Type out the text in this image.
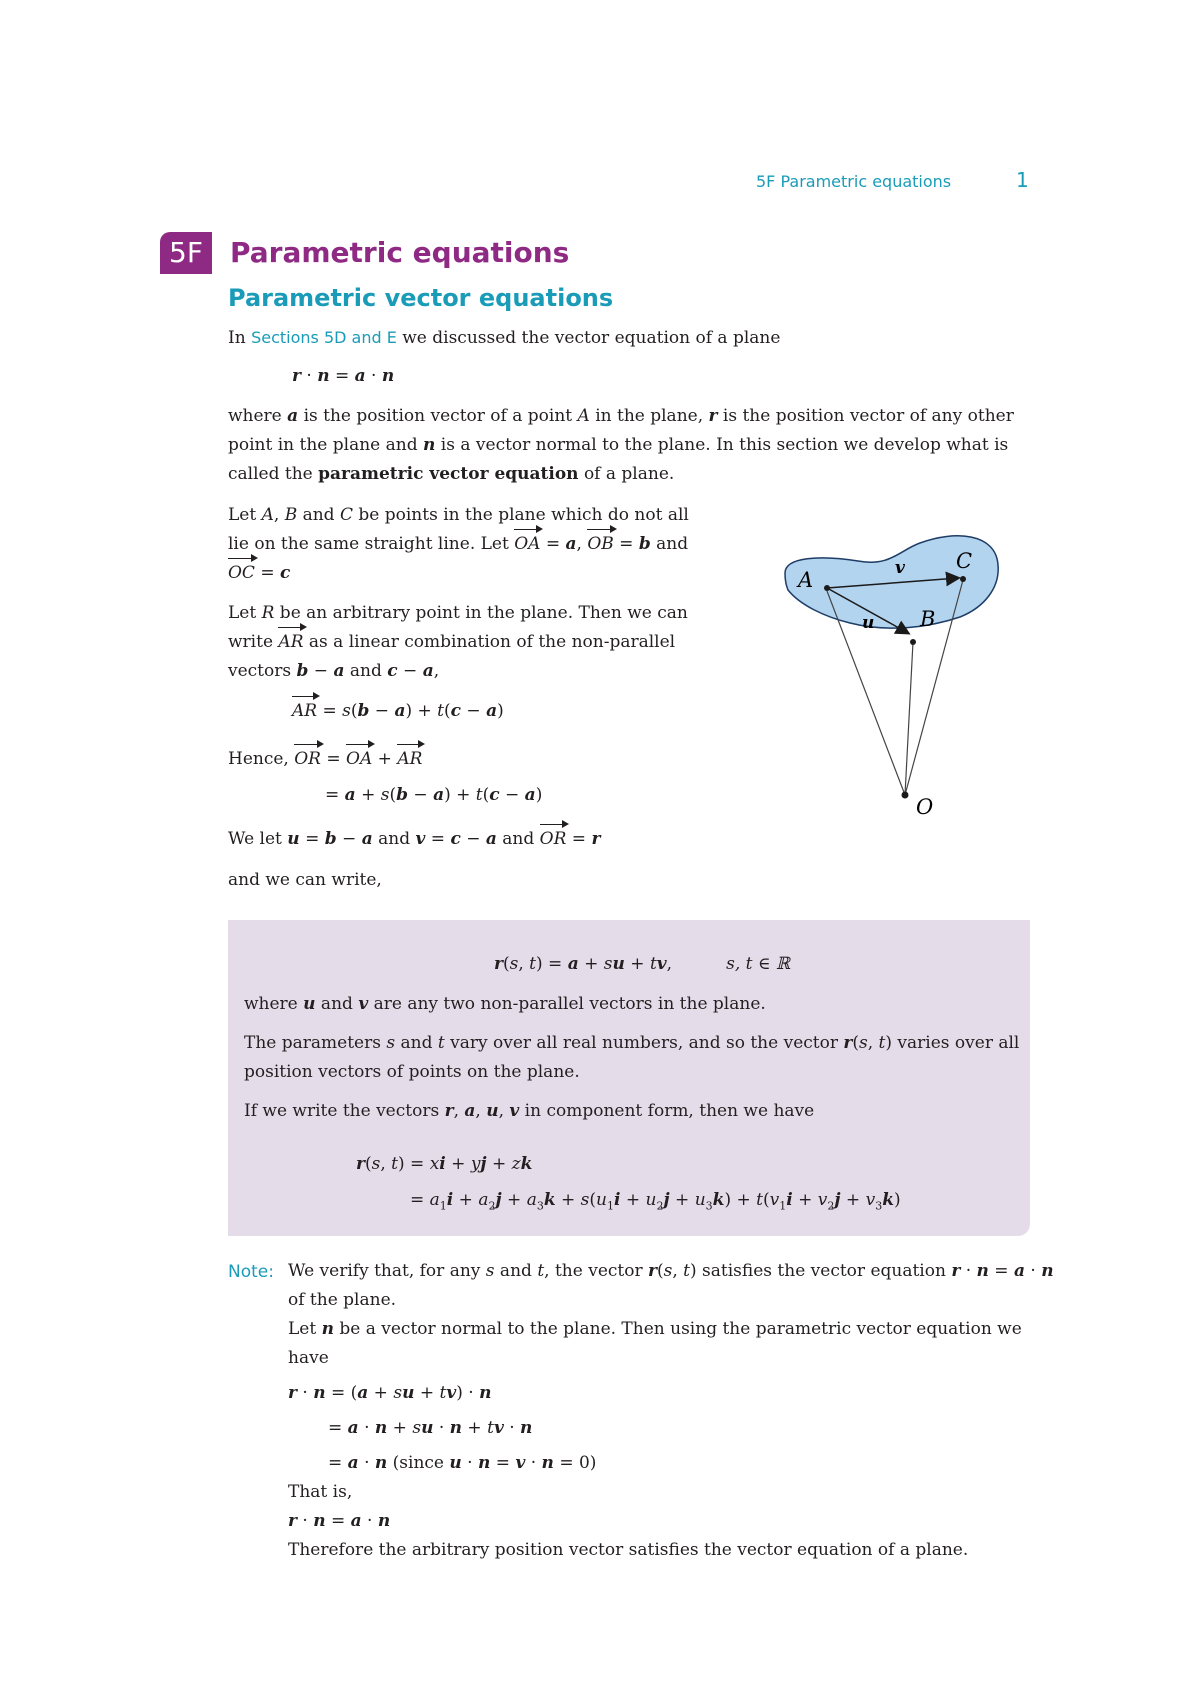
5F Parametric equations	1
5F Parametric equations
Parametric vector equations
In Sections 5D and E we discussed the vector equation of a plane
r · n = a · n
where a is the position vector of a point A in the plane, r is the position vector of any other
point in the plane and n is a vector normal to the plane. In this section we develop what is
called the parametric vector equation of a plane.
Let A, B and C be points in the plane which do not all
lie on the same straight line. Let OA = a, OB = b and
OC = c
Let R be an arbitrary point in the plane. Then we can
write AR as a linear combination of the non-parallel
vectors b − a and c − a,
AR = s(b − a) + t(c − a)
Hence, OR = OA + AR
= a + s(b − a) + t(c − a)
We let u = b − a and v = c − a and OR = r
and we can write,
A
B
C
O
u
v
r(s, t) = a + su + tv,          s, t ∈ ℝ
where u and v are any two non-parallel vectors in the plane.
The parameters s and t vary over all real numbers, and so the vector r(s, t) varies over all
position vectors of points on the plane.
If we write the vectors r, a, u, v in component form, then we have
r(s, t) = xi + yj + zk
= $a_1i + a_2j + a_3k + s(u_1i + u_2j + u_3k) + t(v_1i + v_2j + v_3k)$
Note: We verify that, for any s and t, the vector r(s, t) satisfies the vector equation r · n = a · n
of the plane.
Let n be a vector normal to the plane. Then using the parametric vector equation we
have
r · n = (a + su + tv) · n
= a · n + su · n + tv · n
= a · n (since u · n = v · n = 0)
That is,
r · n = a · n
Therefore the arbitrary position vector satisfies the vector equation of a plane.
